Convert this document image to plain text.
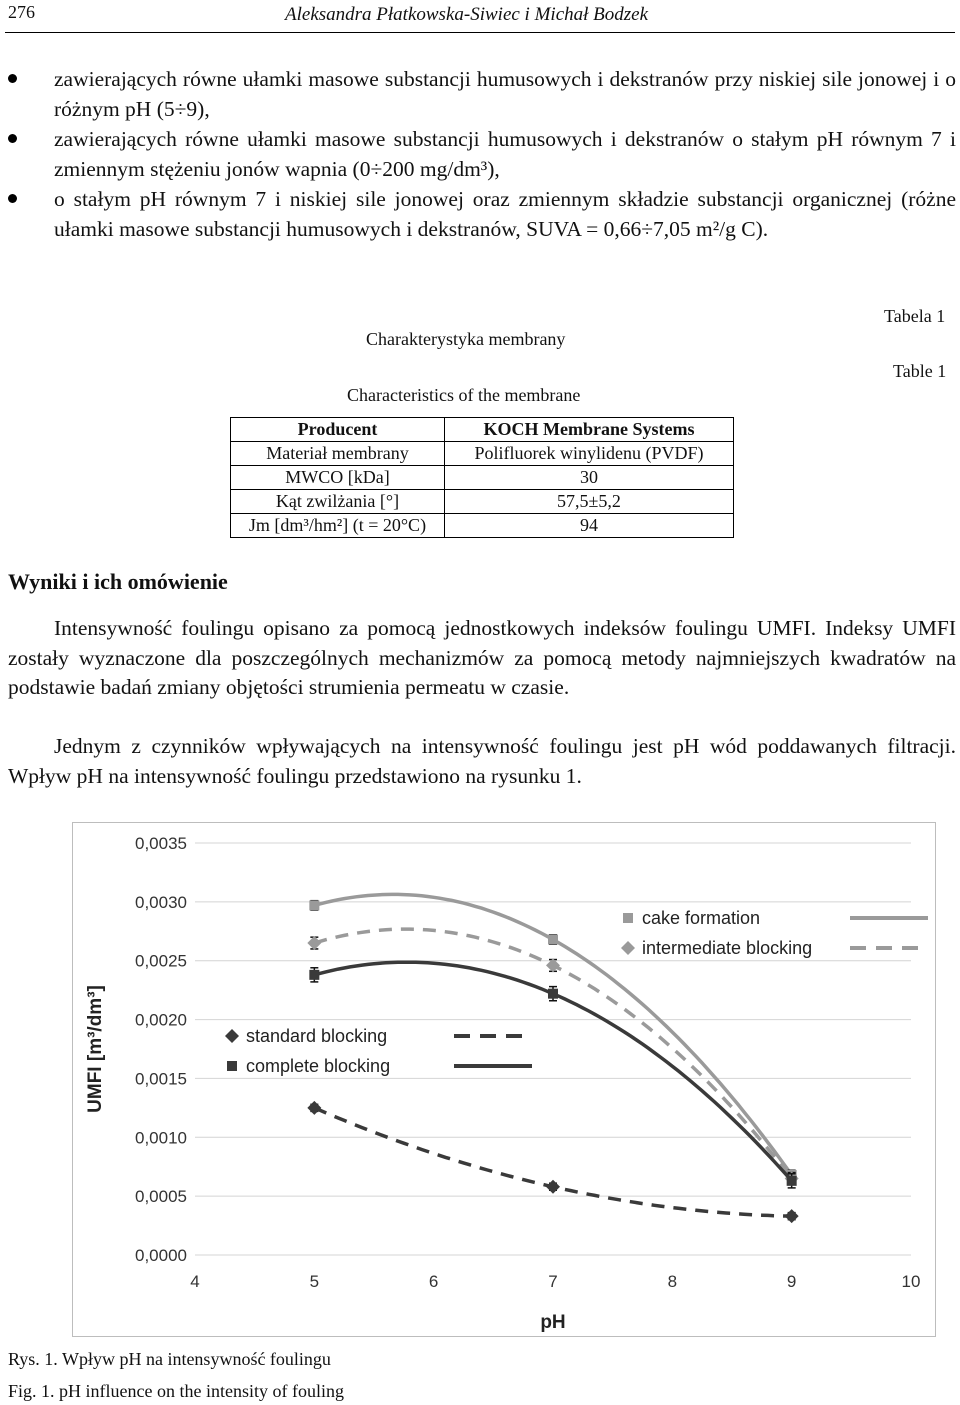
276	Aleksandra Płatkowska-Siwiec i Michał Bodzek
zawierających równe ułamki masowe substancji humusowych i dekstranów przy niskiej sile jonowej i o różnym pH (5÷9),
zawierających równe ułamki masowe substancji humusowych i dekstranów o stałym pH równym 7 i zmiennym stężeniu jonów wapnia (0÷200 mg/dm³),
o stałym pH równym 7 i niskiej sile jonowej oraz zmiennym składzie substancji organicznej (różne ułamki masowe substancji humusowych i dekstranów, SUVA = 0,66÷7,05 m²/g C).
Tabela 1
Charakterystyka membrany
Table 1
Characteristics of the membrane
Producent	KOCH Membrane Systems
Materiał membrany	Polifluorek winylidenu (PVDF)
MWCO [kDa]	30
Kąt zwilżania [°]	57,5±5,2
Jm [dm³/hm²] (t = 20°C)	94
Wyniki i ich omówienie
Intensywność foulingu opisano za pomocą jednostkowych indeksów foulingu UMFI. Indeksy UMFI zostały wyznaczone dla poszczególnych mechanizmów za pomocą metody najmniejszych kwadratów na podstawie badań zmiany objętości strumienia permeatu w czasie.
Jednym z czynników wpływających na intensywność foulingu jest pH wód poddawanych filtracji. Wpływ pH na intensywność foulingu przedstawiono na rysunku 1.
0,0000
0,0005
0,0010
0,0015
0,0020
0,0025
0,0030
0,0035
4	5	6	7	8	9	10
pH
UMFI [m³/dm³]
cake formation
intermediate blocking
standard blocking
complete blocking
Rys. 1. Wpływ pH na intensywność foulingu
Fig. 1. pH influence on the intensity of fouling
